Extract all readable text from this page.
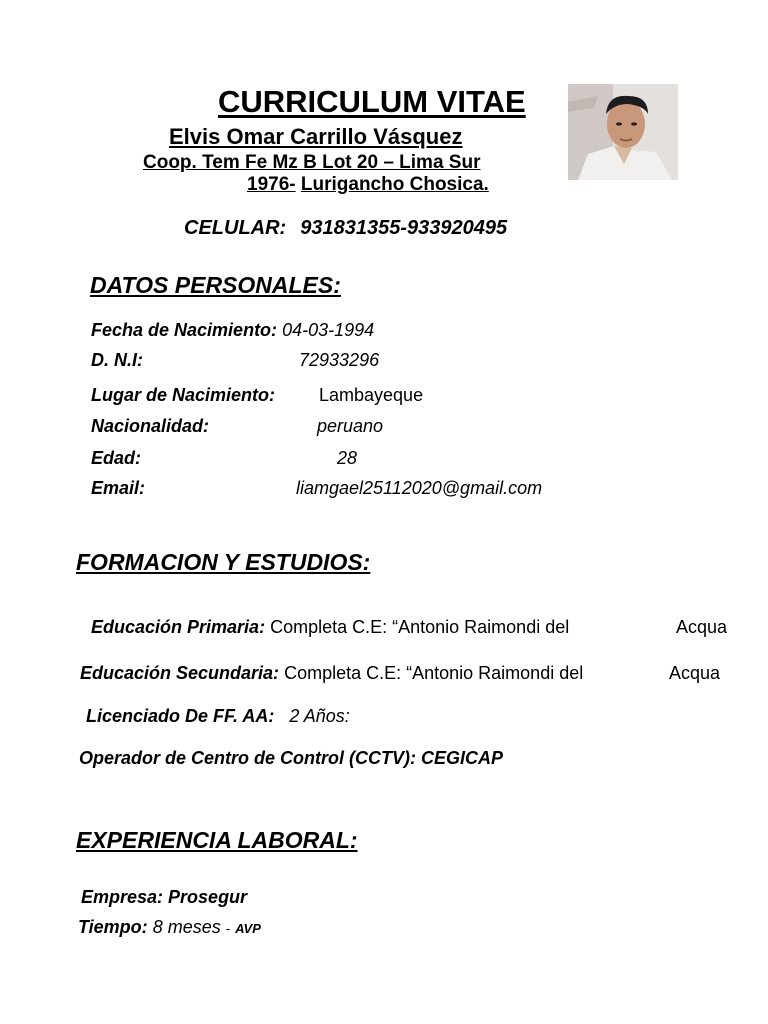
CURRICULUM VITAE
Elvis Omar Carrillo Vásquez
Coop. Tem Fe Mz B Lot 20 – Lima Sur
1976- Lurigancho Chosica.
CELULAR: 931831355-933920495
DATOS PERSONALES:
Fecha de Nacimiento: 04-03-1994
D. N.I:	72933296
Lugar de Nacimiento: Lambayeque
Nacionalidad:	peruano
Edad:	28
Email:	liamgael25112020@gmail.com
FORMACION Y ESTUDIOS:
Educación Primaria: Completa C.E: “Antonio Raimondi del	Acqua
Educación Secundaria: Completa C.E: “Antonio Raimondi del	Acqua
Licenciado De FF. AA: 2 Años:
Operador de Centro de Control (CCTV): CEGICAP
EXPERIENCIA LABORAL:
Empresa: Prosegur
Tiempo: 8 meses - AVP
